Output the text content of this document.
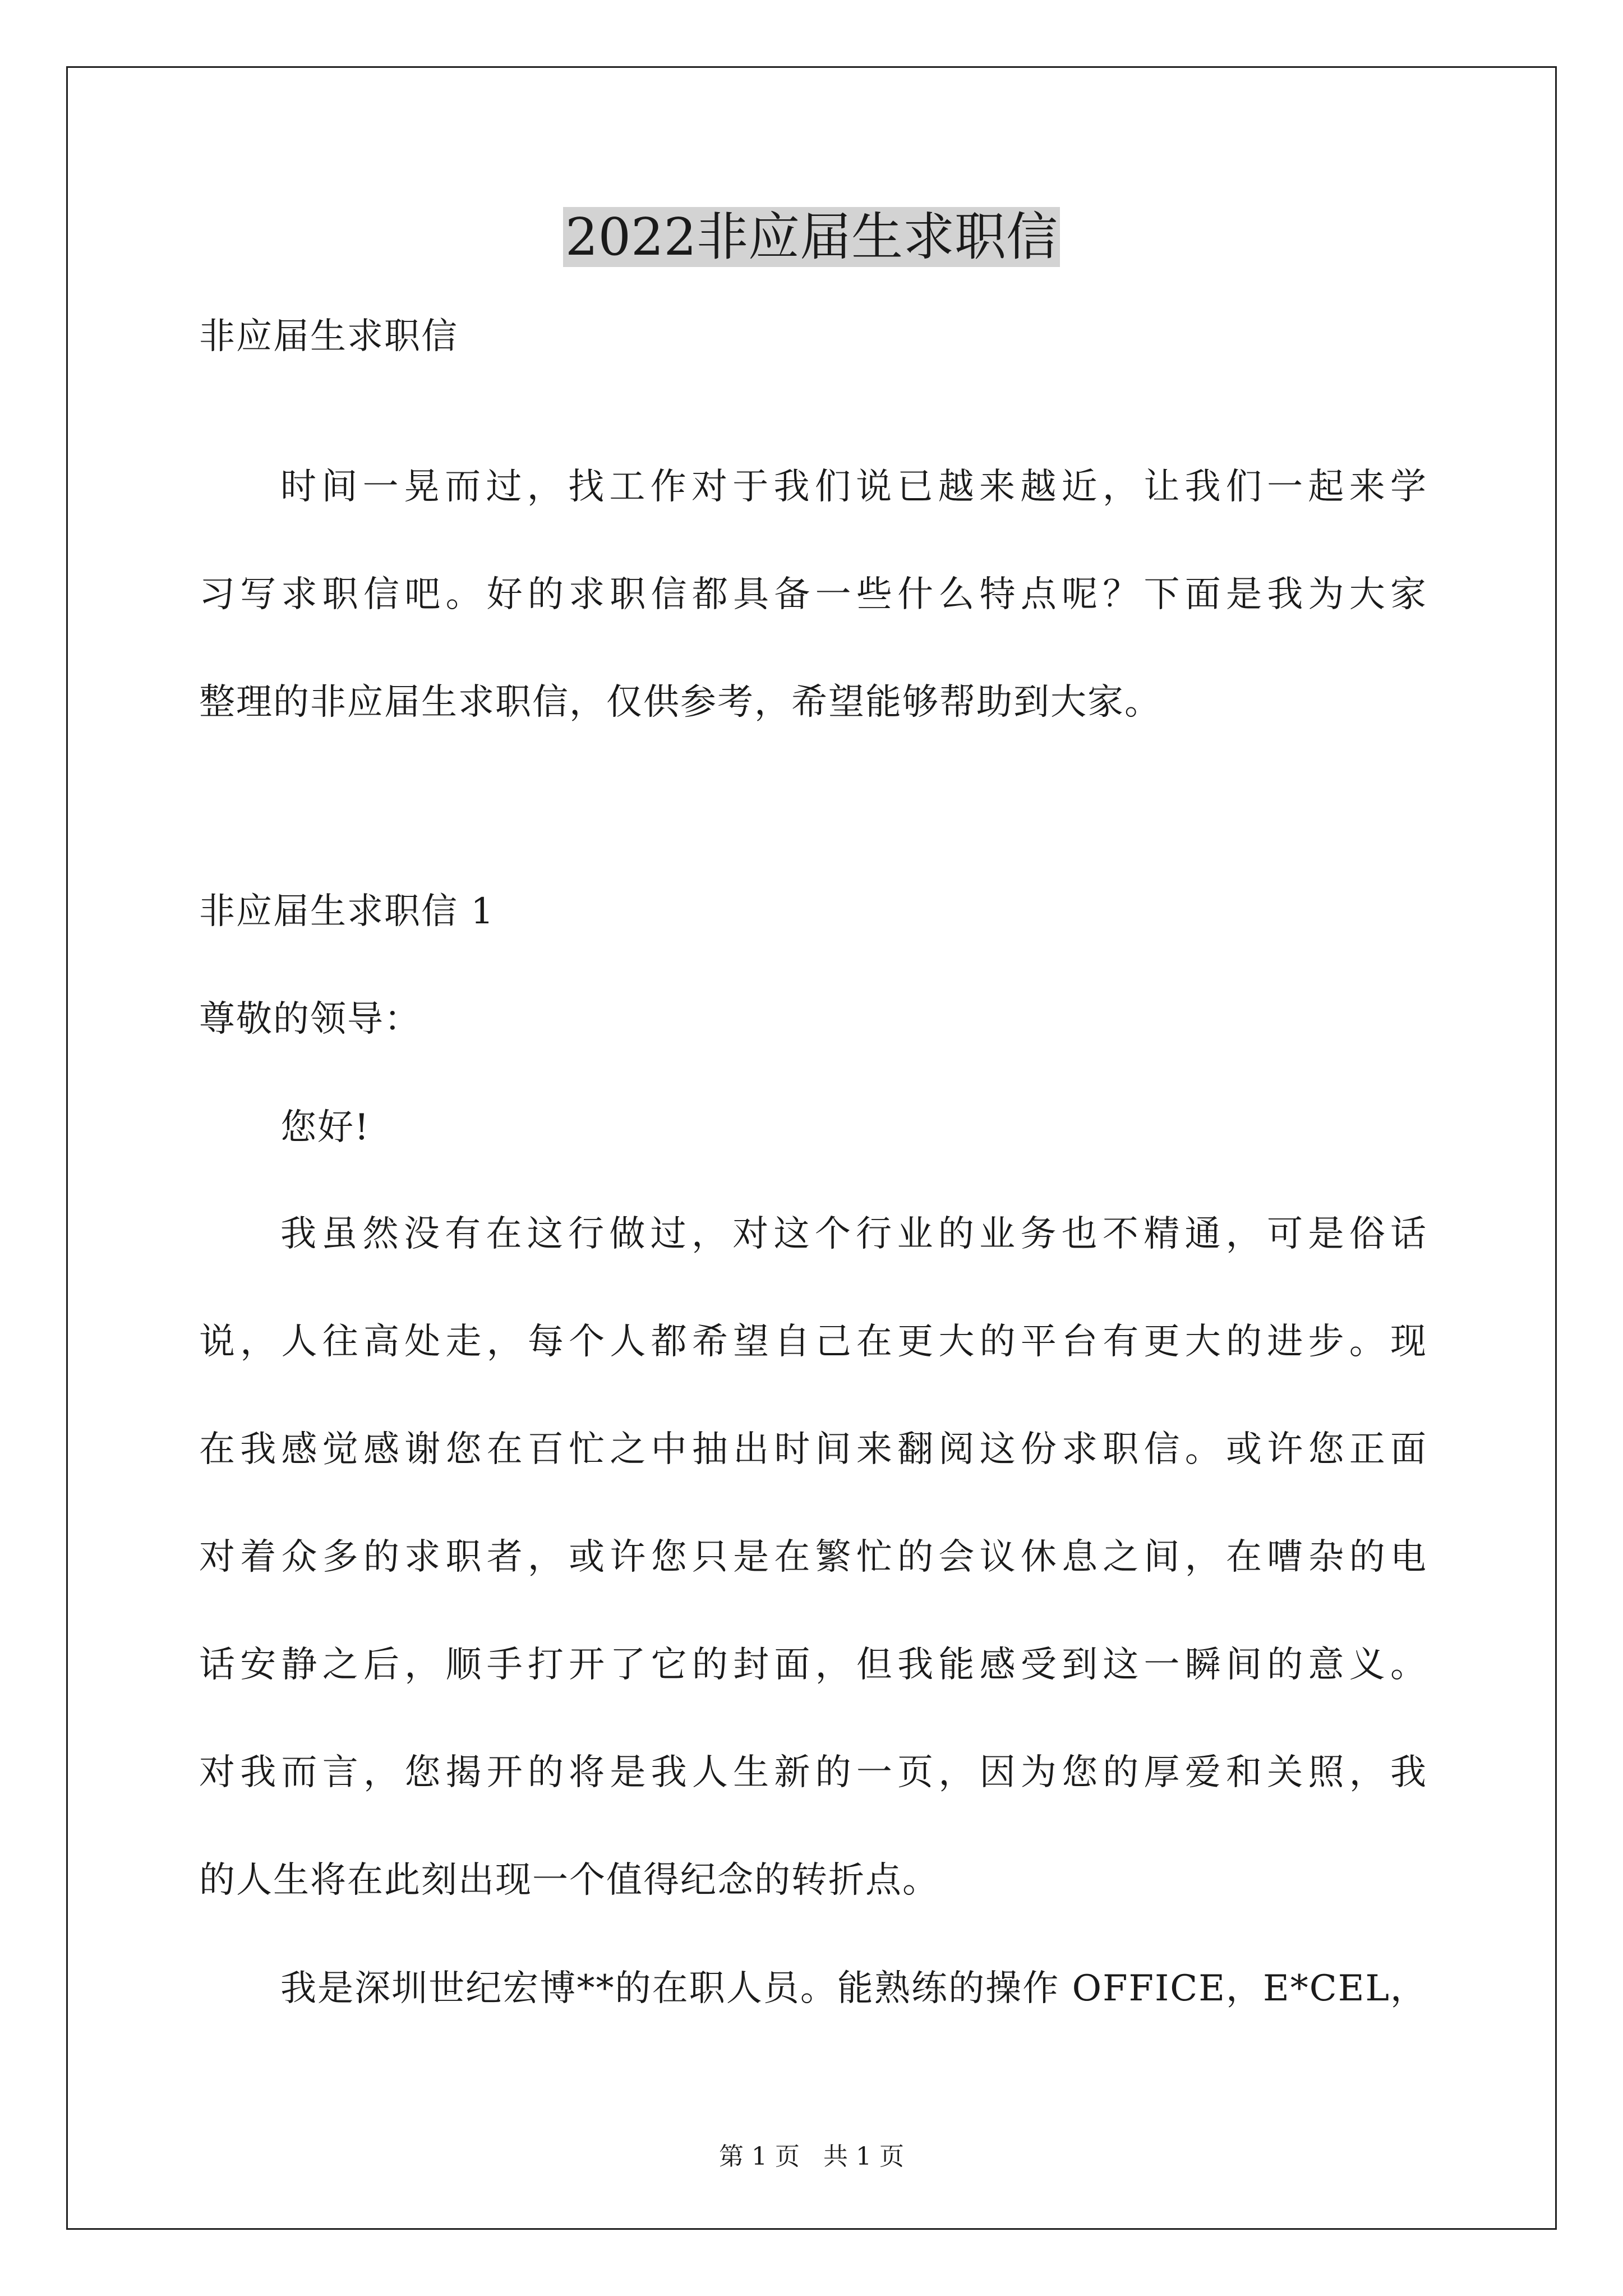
2022非应届生求职信
非应届生求职信
时间一晃而过，找工作对于我们说已越来越近，让我们一起来学
习写求职信吧。好的求职信都具备一些什么特点呢？下面是我为大家
整理的非应届生求职信，仅供参考，希望能够帮助到大家。
非应届生求职信 1
尊敬的领导：
您好!
我虽然没有在这行做过，对这个行业的业务也不精通，可是俗话
说，人往高处走，每个人都希望自己在更大的平台有更大的进步。现
在我感觉感谢您在百忙之中抽出时间来翻阅这份求职信。或许您正面
对着众多的求职者，或许您只是在繁忙的会议休息之间，在嘈杂的电
话安静之后，顺手打开了它的封面，但我能感受到这一瞬间的意义。
对我而言，您揭开的将是我人生新的一页，因为您的厚爱和关照，我
的人生将在此刻出现一个值得纪念的转折点。
我是深圳世纪宏博**的在职人员。能熟练的操作 OFFICE，E*CEL，
第 1 页   共 1 页
